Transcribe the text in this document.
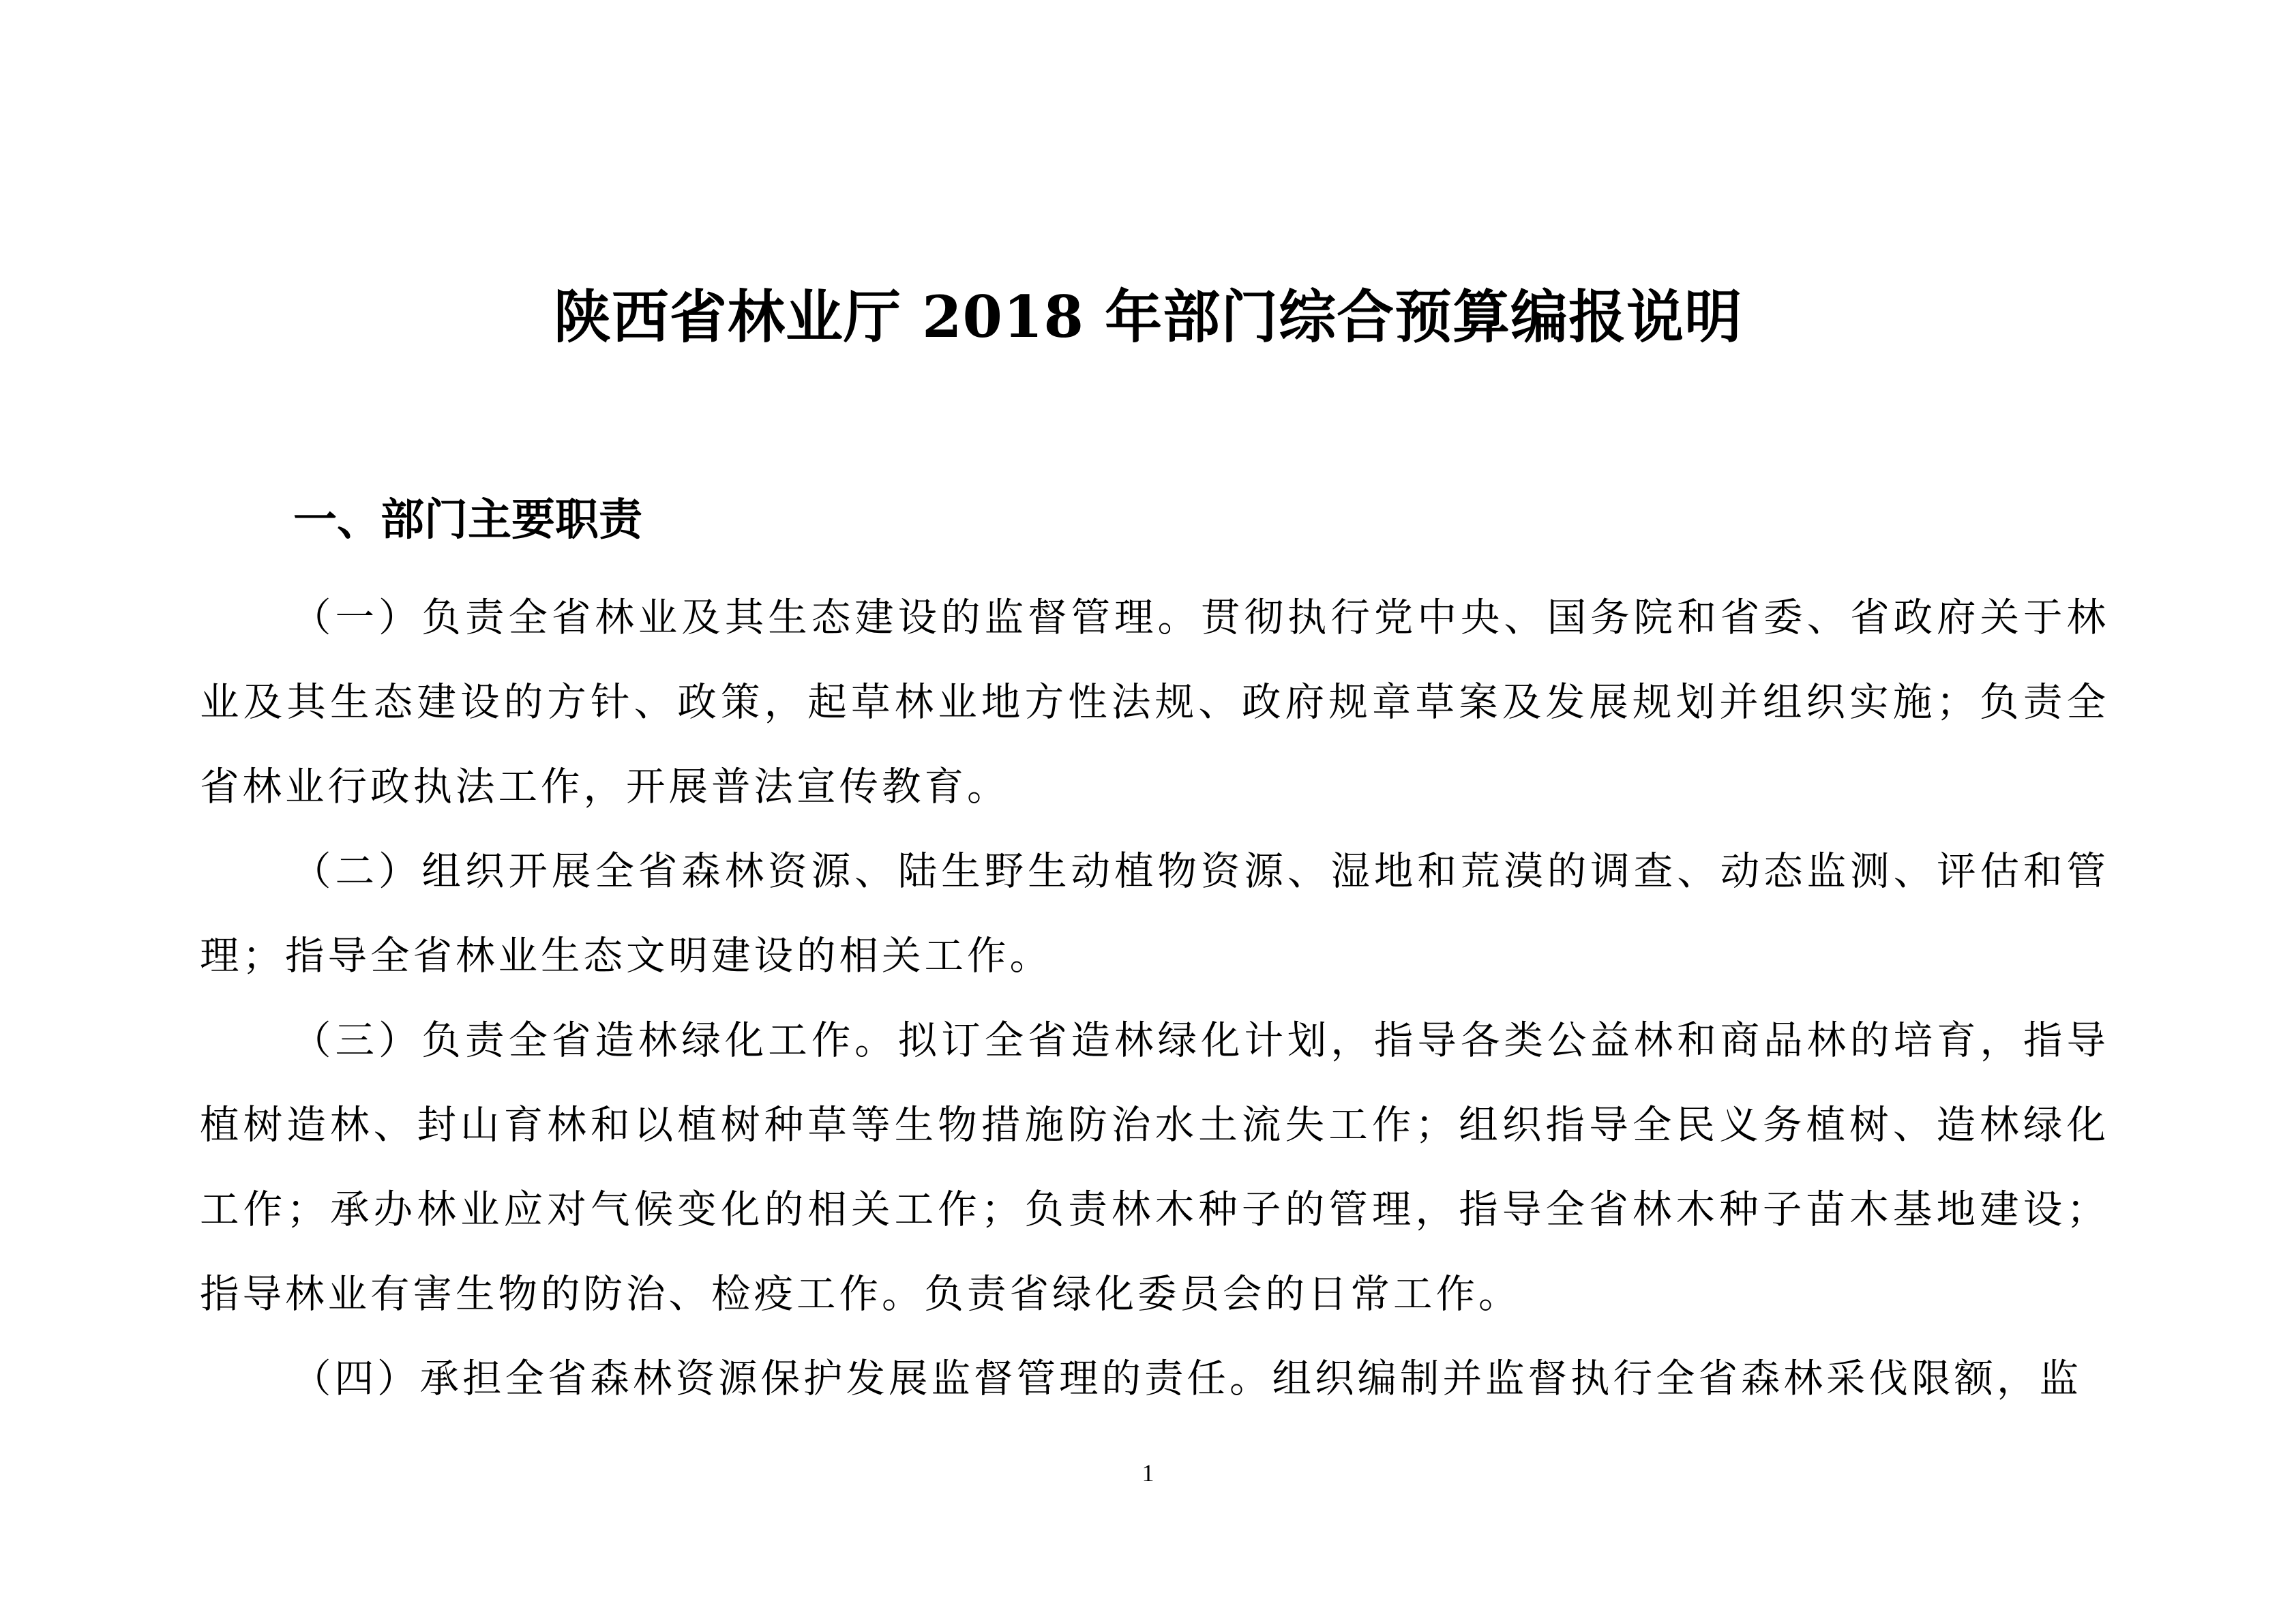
陕西省林业厅 2018 年部门综合预算编报说明
一、部门主要职责

（一）负责全省林业及其生态建设的监督管理。贯彻执行党中央、国务院和省委、省政府关于林业及其生态建设的方针、政策，起草林业地方性法规、政府规章草案及发展规划并组织实施；负责全省林业行政执法工作，开展普法宣传教育。

（二）组织开展全省森林资源、陆生野生动植物资源、湿地和荒漠的调查、动态监测、评估和管理；指导全省林业生态文明建设的相关工作。

（三）负责全省造林绿化工作。拟订全省造林绿化计划，指导各类公益林和商品林的培育，指导植树造林、封山育林和以植树种草等生物措施防治水土流失工作；组织指导全民义务植树、造林绿化工作；承办林业应对气候变化的相关工作；负责林木种子的管理，指导全省林木种子苗木基地建设；指导林业有害生物的防治、检疫工作。负责省绿化委员会的日常工作。

（四）承担全省森林资源保护发展监督管理的责任。组织编制并监督执行全省森林采伐限额，监

1
